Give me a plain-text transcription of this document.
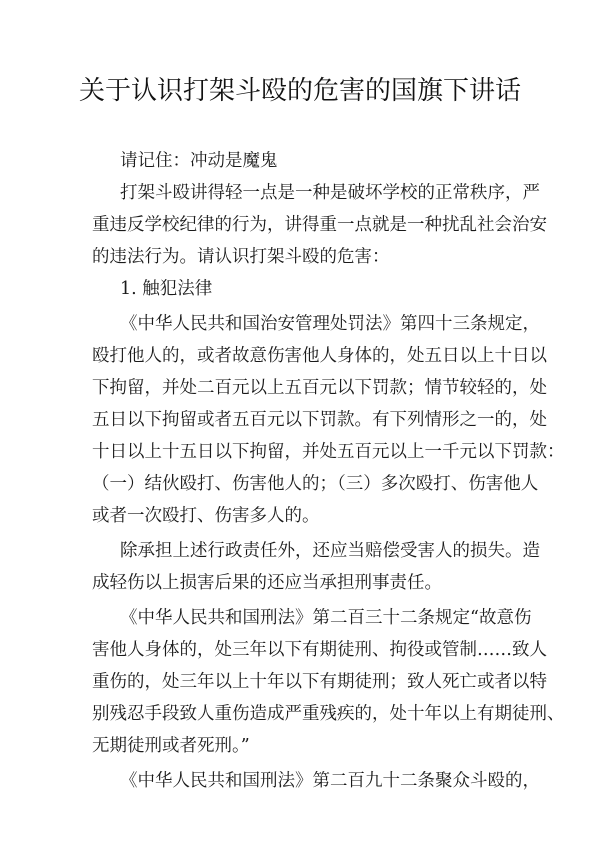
关于认识打架斗殴的危害的国旗下讲话
请记住：冲动是魔鬼
打架斗殴讲得轻一点是一种是破坏学校的正常秩序，严
重违反学校纪律的行为，讲得重一点就是一种扰乱社会治安
的违法行为。请认识打架斗殴的危害：
1. 触犯法律
《中华人民共和国治安管理处罚法》第四十三条规定，
殴打他人的，或者故意伤害他人身体的，处五日以上十日以
下拘留，并处二百元以上五百元以下罚款；情节较轻的，处
五日以下拘留或者五百元以下罚款。有下列情形之一的，处
十日以上十五日以下拘留，并处五百元以上一千元以下罚款：
（一）结伙殴打、伤害他人的；（三）多次殴打、伤害他人
或者一次殴打、伤害多人的。
除承担上述行政责任外，还应当赔偿受害人的损失。造
成轻伤以上损害后果的还应当承担刑事责任。
《中华人民共和国刑法》第二百三十二条规定“故意伤
害他人身体的，处三年以下有期徒刑、拘役或管制……致人
重伤的，处三年以上十年以下有期徒刑；致人死亡或者以特
别残忍手段致人重伤造成严重残疾的，处十年以上有期徒刑、
无期徒刑或者死刑。”
《中华人民共和国刑法》第二百九十二条聚众斗殴的，
